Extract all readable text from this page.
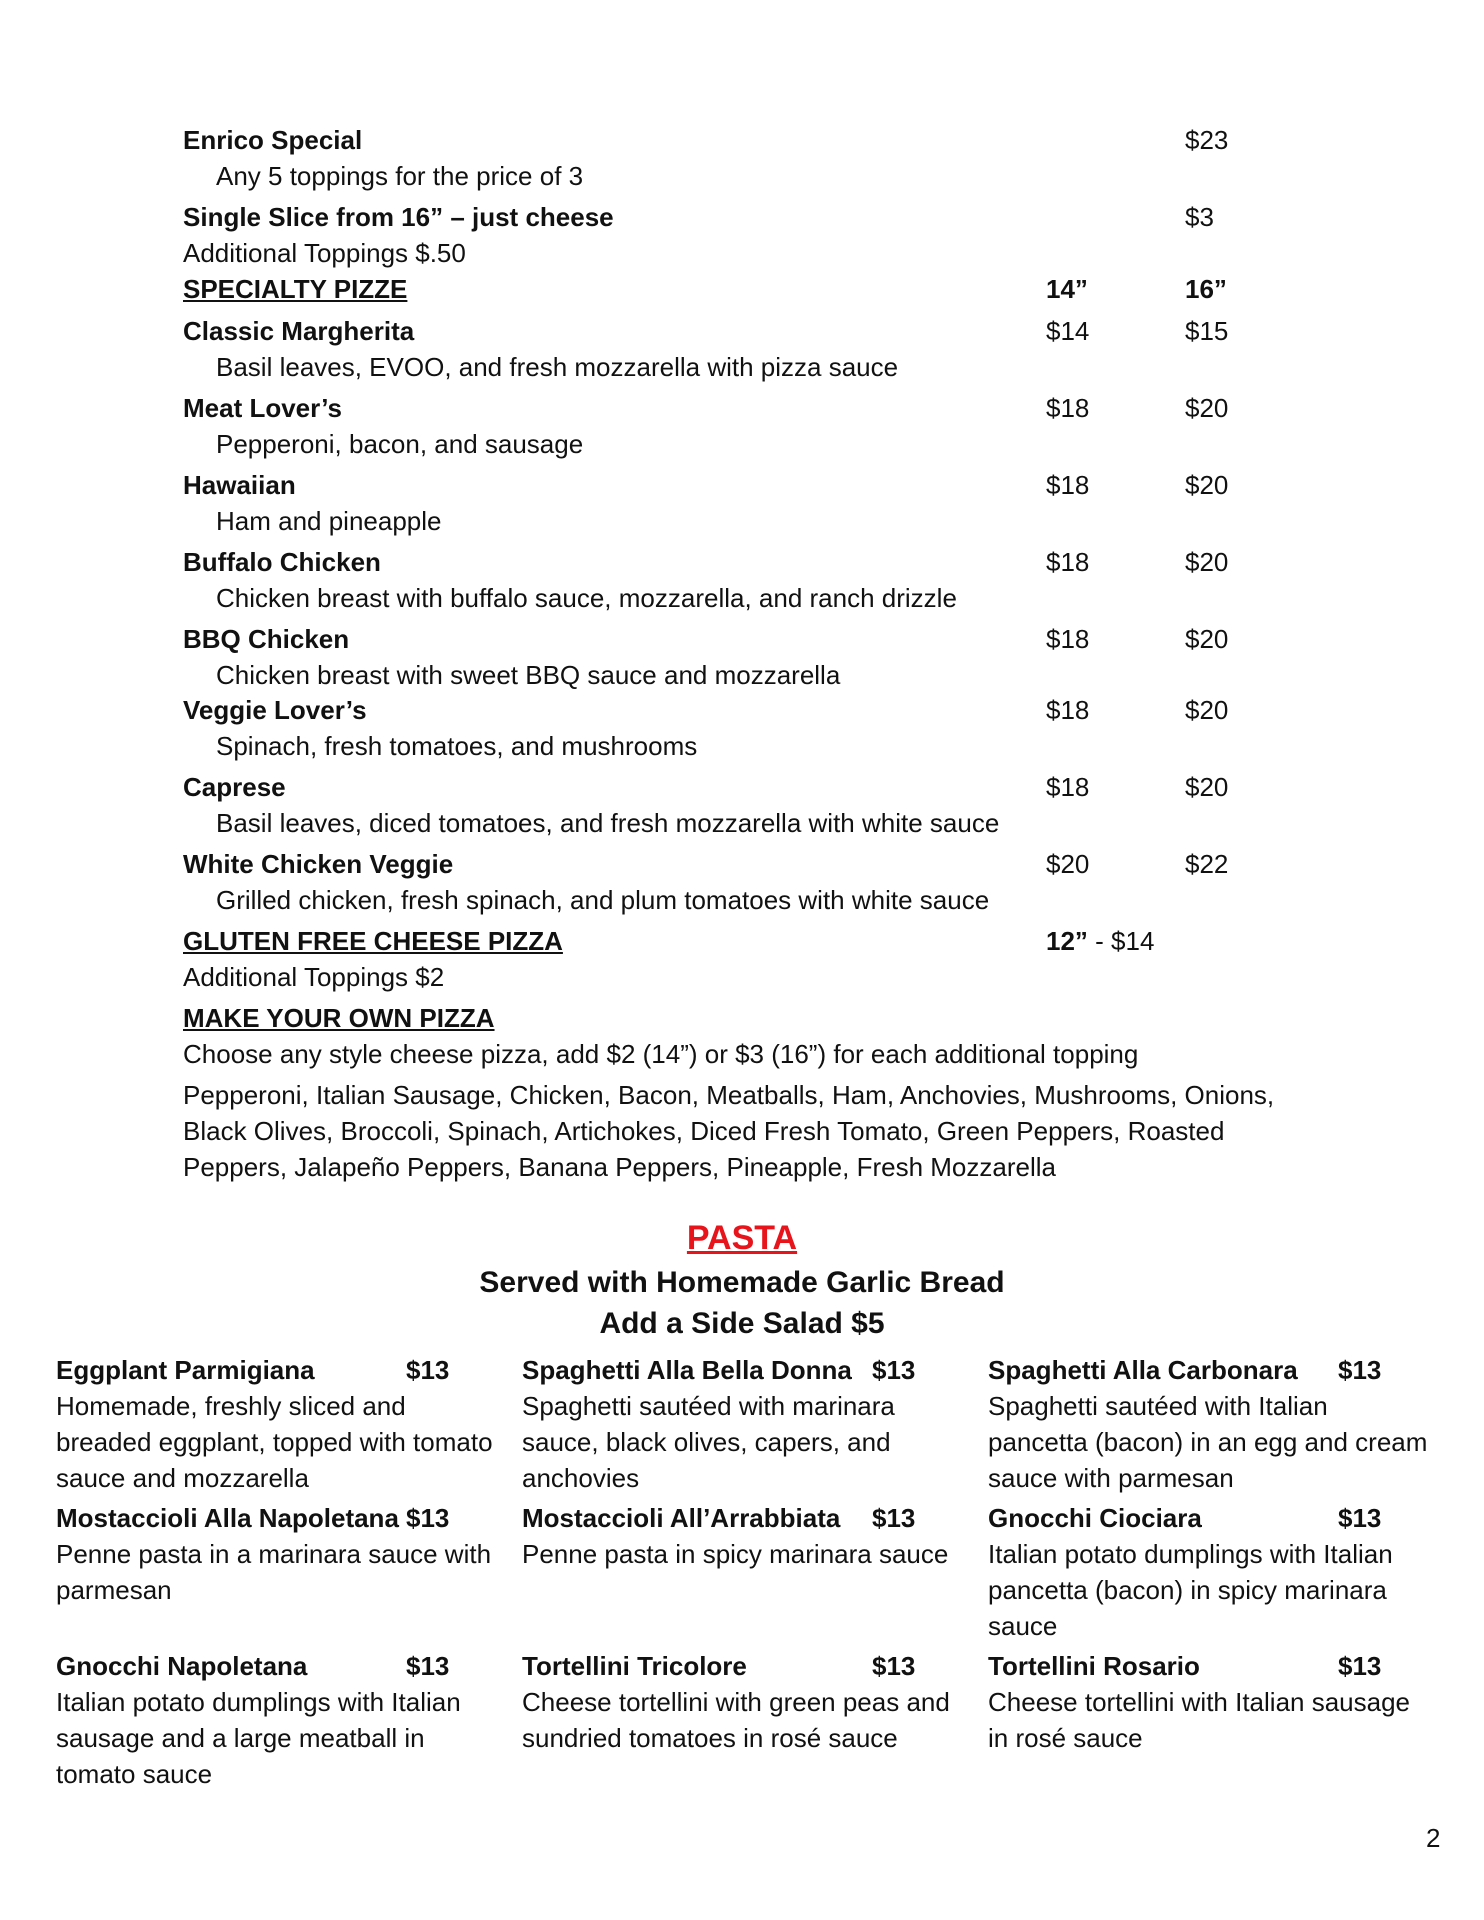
Enrico Special	$23
Any 5 toppings for the price of 3
Single Slice from 16” – just cheese	$3
Additional Toppings $.50
SPECIALTY PIZZE	14”	16”
Classic Margherita	$14	$15
Basil leaves, EVOO, and fresh mozzarella with pizza sauce
Meat Lover’s	$18	$20
Pepperoni, bacon, and sausage
Hawaiian	$18	$20
Ham and pineapple
Buffalo Chicken	$18	$20
Chicken breast with buffalo sauce, mozzarella, and ranch drizzle
BBQ Chicken	$18	$20
Chicken breast with sweet BBQ sauce and mozzarella
Veggie Lover’s	$18	$20
Spinach, fresh tomatoes, and mushrooms
Caprese	$18	$20
Basil leaves, diced tomatoes, and fresh mozzarella with white sauce
White Chicken Veggie	$20	$22
Grilled chicken, fresh spinach, and plum tomatoes with white sauce
GLUTEN FREE CHEESE PIZZA	12” - $14
Additional Toppings $2
MAKE YOUR OWN PIZZA
Choose any style cheese pizza, add $2 (14”) or $3 (16”) for each additional topping
Pepperoni, Italian Sausage, Chicken, Bacon, Meatballs, Ham, Anchovies, Mushrooms, Onions,
Black Olives, Broccoli, Spinach, Artichokes, Diced Fresh Tomato, Green Peppers, Roasted
Peppers, Jalapeño Peppers, Banana Peppers, Pineapple, Fresh Mozzarella
PASTA
Served with Homemade Garlic Bread
Add a Side Salad $5
Eggplant Parmigiana	$13
Homemade, freshly sliced and breaded eggplant, topped with tomato sauce and mozzarella
Spaghetti Alla Bella Donna $13
Spaghetti sautéed with marinara sauce, black olives, capers, and anchovies
Spaghetti Alla Carbonara $13
Spaghetti sautéed with Italian pancetta (bacon) in an egg and cream sauce with parmesan
Mostaccioli Alla Napoletana $13
Penne pasta in a marinara sauce with parmesan
Mostaccioli All’Arrabbiata $13
Penne pasta in spicy marinara sauce
Gnocchi Ciociara	$13
Italian potato dumplings with Italian pancetta (bacon) in spicy marinara sauce
Gnocchi Napoletana	$13
Italian potato dumplings with Italian sausage and a large meatball in tomato sauce
Tortellini Tricolore	$13
Cheese tortellini with green peas and sundried tomatoes in rosé sauce
Tortellini Rosario	$13
Cheese tortellini with Italian sausage in rosé sauce
2
